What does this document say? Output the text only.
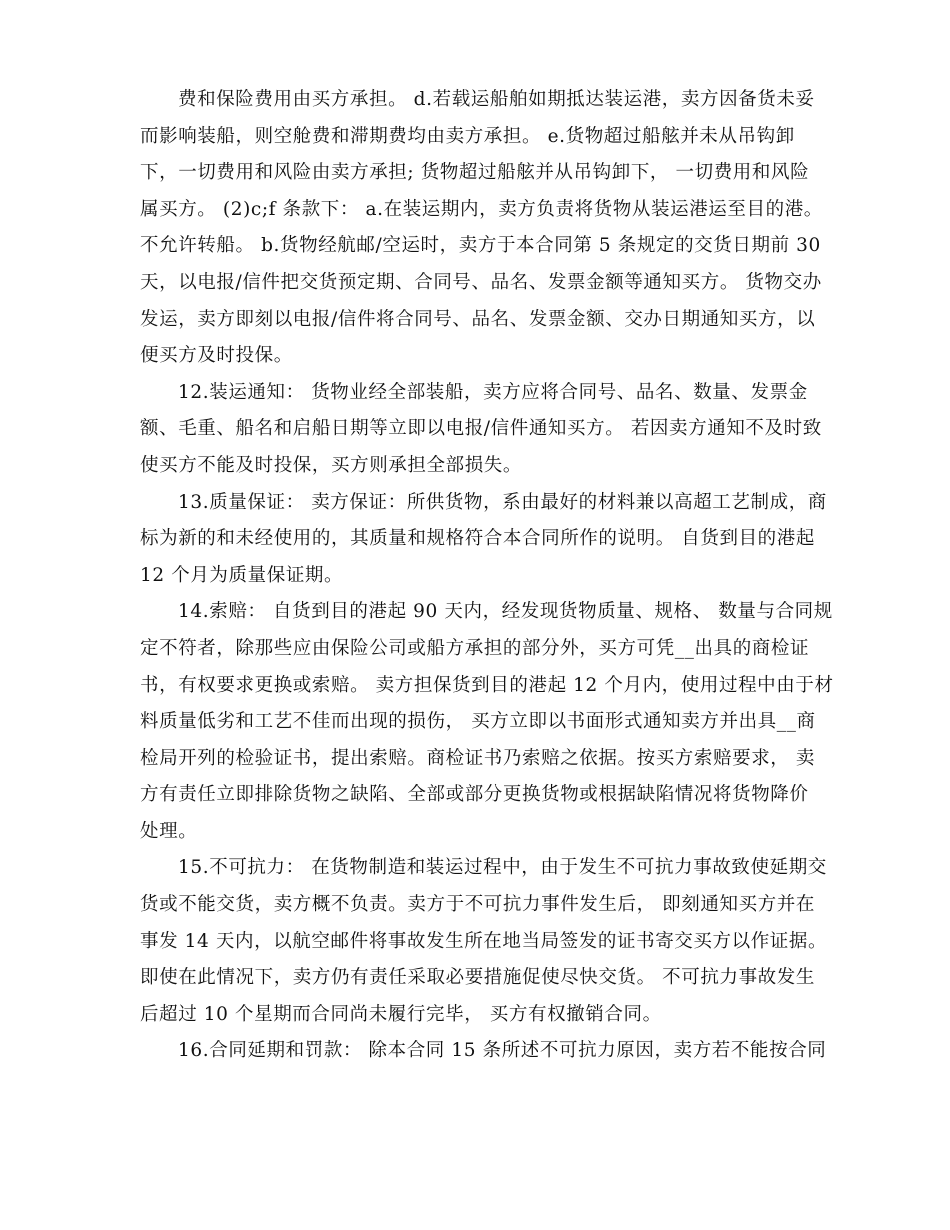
费和保险费用由买方承担。 d.若载运船舶如期抵达装运港，卖方因备货未妥
而影响装船，则空舱费和滞期费均由卖方承担。 e.货物超过船舷并未从吊钩卸
下，一切费用和风险由卖方承担; 货物超过船舷并从吊钩卸下， 一切费用和风险
属买方。 (2)c;f 条款下： a.在装运期内，卖方负责将货物从装运港运至目的港。
不允许转船。 b.货物经航邮/空运时，卖方于本合同第 5 条规定的交货日期前 30
天，以电报/信件把交货预定期、合同号、品名、发票金额等通知买方。 货物交办
发运，卖方即刻以电报/信件将合同号、品名、发票金额、交办日期通知买方，以
便买方及时投保。
12.装运通知： 货物业经全部装船，卖方应将合同号、品名、数量、发票金
额、毛重、船名和启船日期等立即以电报/信件通知买方。 若因卖方通知不及时致
使买方不能及时投保，买方则承担全部损失。
13.质量保证： 卖方保证：所供货物，系由最好的材料兼以高超工艺制成，商
标为新的和未经使用的，其质量和规格符合本合同所作的说明。 自货到目的港起
12 个月为质量保证期。
14.索赔： 自货到目的港起 90 天内，经发现货物质量、规格、 数量与合同规
定不符者，除那些应由保险公司或船方承担的部分外，买方可凭__出具的商检证
书，有权要求更换或索赔。 卖方担保货到目的港起 12 个月内，使用过程中由于材
料质量低劣和工艺不佳而出现的损伤， 买方立即以书面形式通知卖方并出具__商
检局开列的检验证书，提出索赔。商检证书乃索赔之依据。按买方索赔要求， 卖
方有责任立即排除货物之缺陷、全部或部分更换货物或根据缺陷情况将货物降价
处理。
15.不可抗力： 在货物制造和装运过程中，由于发生不可抗力事故致使延期交
货或不能交货，卖方概不负责。卖方于不可抗力事件发生后， 即刻通知买方并在
事发 14 天内，以航空邮件将事故发生所在地当局签发的证书寄交买方以作证据。
即使在此情况下，卖方仍有责任采取必要措施促使尽快交货。 不可抗力事故发生
后超过 10 个星期而合同尚未履行完毕， 买方有权撤销合同。
16.合同延期和罚款： 除本合同 15 条所述不可抗力原因，卖方若不能按合同
